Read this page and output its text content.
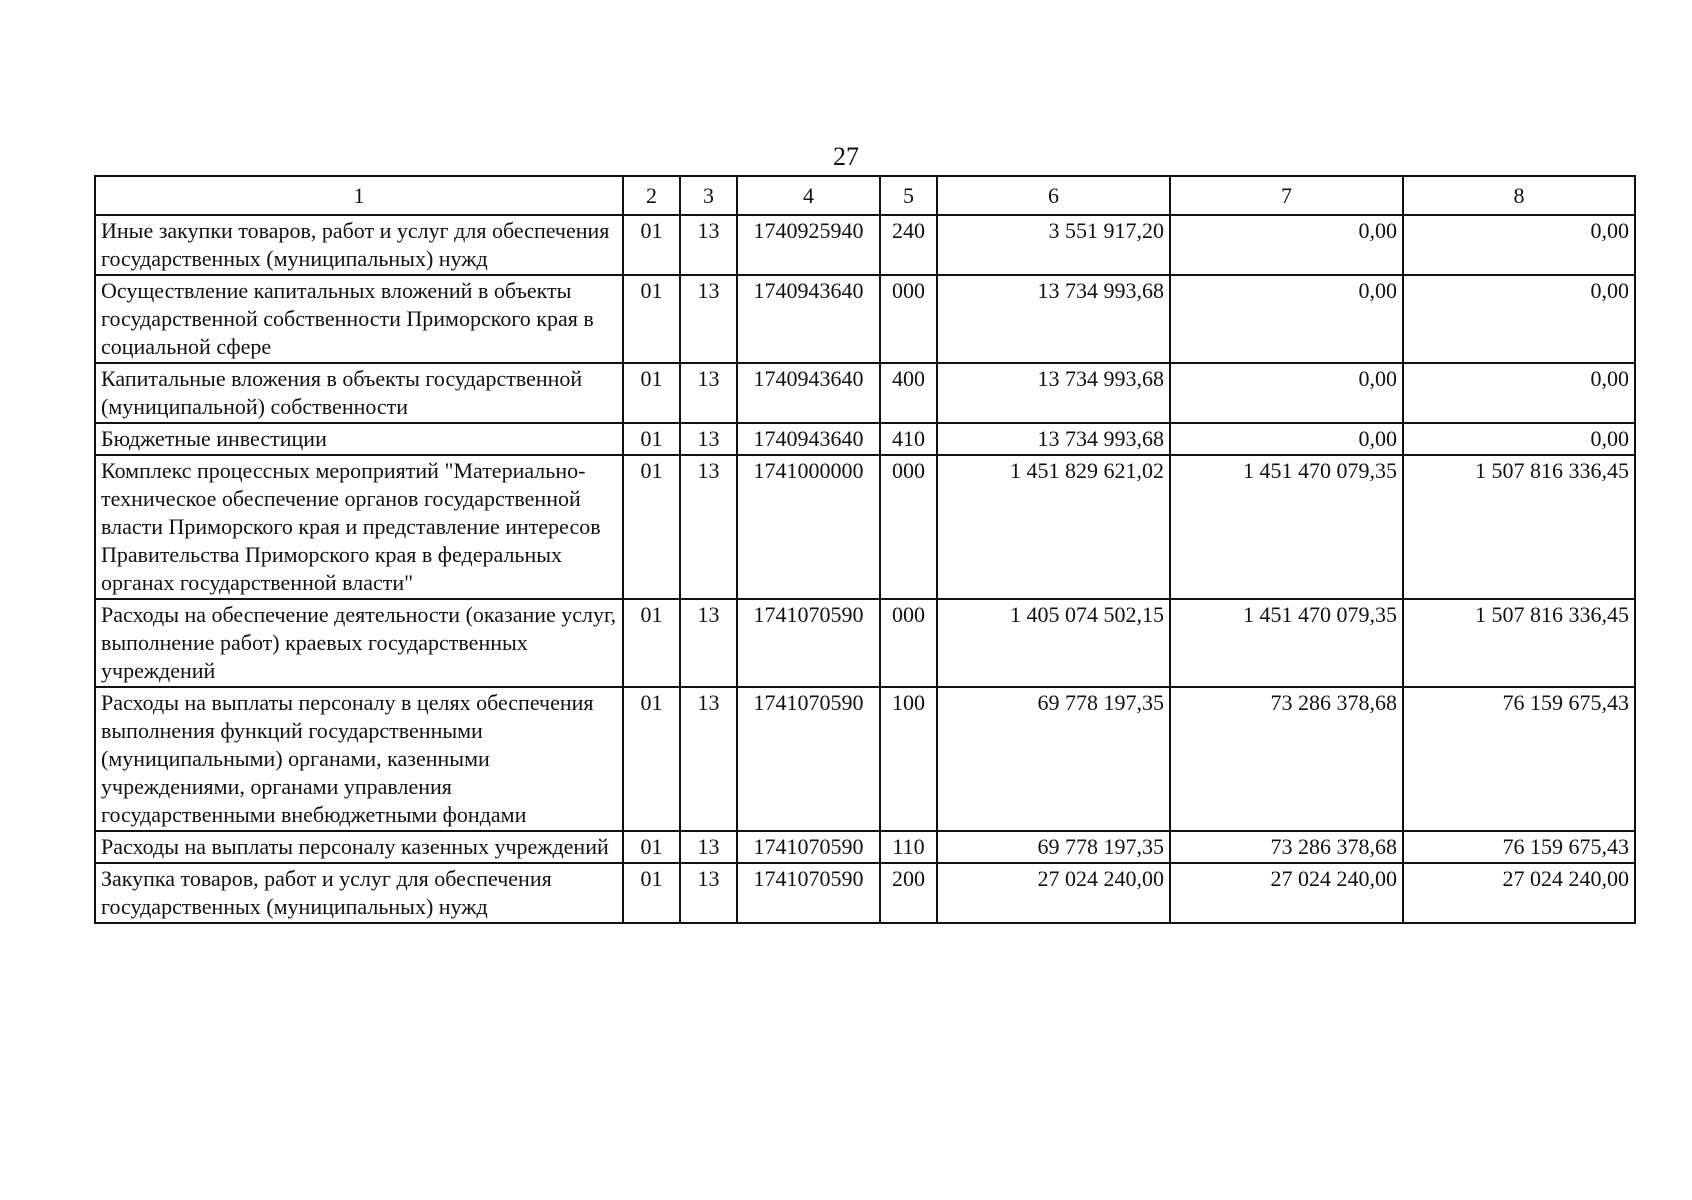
27
1	2	3	4	5	6	7	8
Иные закупки товаров, работ и услуг для обеспечения государственных (муниципальных) нужд	01	13	1740925940	240	3 551 917,20	0,00	0,00
Осуществление капитальных вложений в объекты государственной собственности Приморского края в социальной сфере	01	13	1740943640	000	13 734 993,68	0,00	0,00
Капитальные вложения в объекты государственной (муниципальной) собственности	01	13	1740943640	400	13 734 993,68	0,00	0,00
Бюджетные инвестиции	01	13	1740943640	410	13 734 993,68	0,00	0,00
Комплекс процессных мероприятий "Материально-техническое обеспечение органов государственной власти Приморского края и представление интересов Правительства Приморского края в федеральных органах государственной власти"	01	13	1741000000	000	1 451 829 621,02	1 451 470 079,35	1 507 816 336,45
Расходы на обеспечение деятельности (оказание услуг, выполнение работ) краевых государственных учреждений	01	13	1741070590	000	1 405 074 502,15	1 451 470 079,35	1 507 816 336,45
Расходы на выплаты персоналу в целях обеспечения выполнения функций государственными (муниципальными) органами, казенными учреждениями, органами управления государственными внебюджетными фондами	01	13	1741070590	100	69 778 197,35	73 286 378,68	76 159 675,43
Расходы на выплаты персоналу казенных учреждений	01	13	1741070590	110	69 778 197,35	73 286 378,68	76 159 675,43
Закупка товаров, работ и услуг для обеспечения государственных (муниципальных) нужд	01	13	1741070590	200	27 024 240,00	27 024 240,00	27 024 240,00
